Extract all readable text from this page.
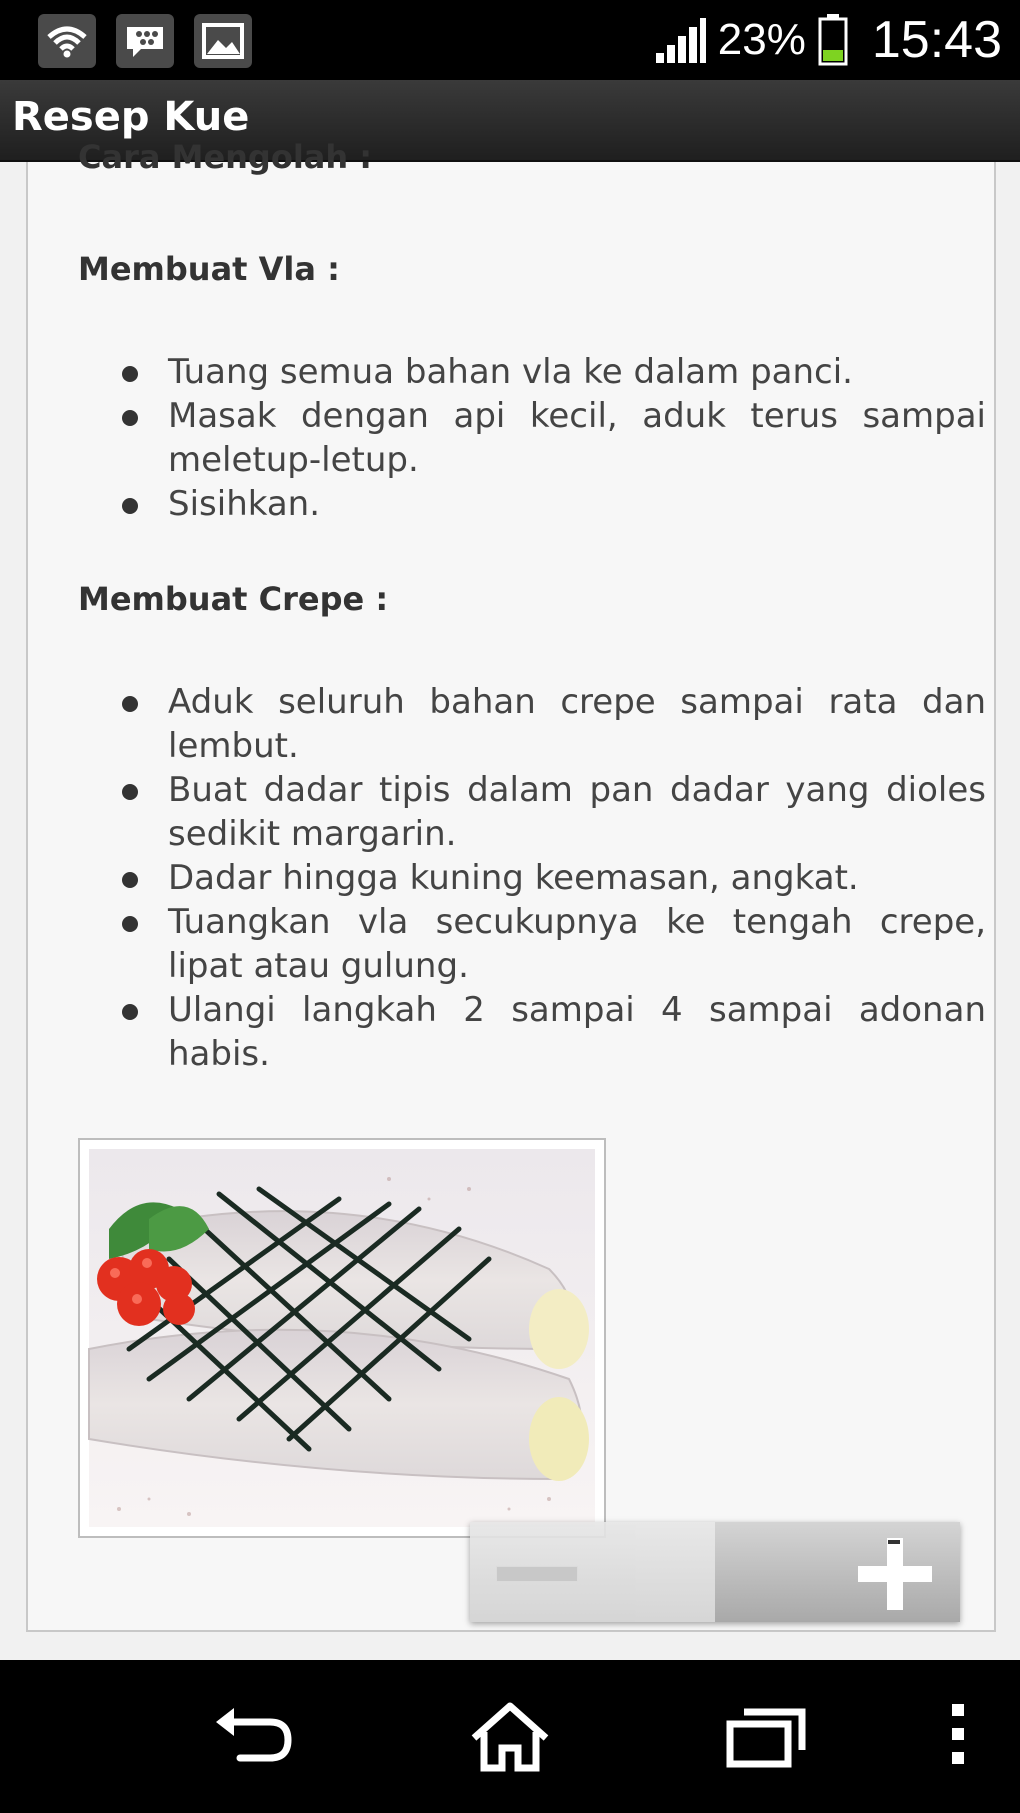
23% 15:43
Resep Kue
Cara Mengolah :
Membuat Vla :
Tuang semua bahan vla ke dalam panci.
Masak dengan api kecil, aduk terus sampai meletup-letup.
Sisihkan.
Membuat Crepe :
Aduk seluruh bahan crepe sampai rata dan lembut.
Buat dadar tipis dalam pan dadar yang dioles sedikit margarin.
Dadar hingga kuning keemasan, angkat.
Tuangkan vla secukupnya ke tengah crepe, lipat atau gulung.
Ulangi langkah 2 sampai 4 sampai adonan habis.
